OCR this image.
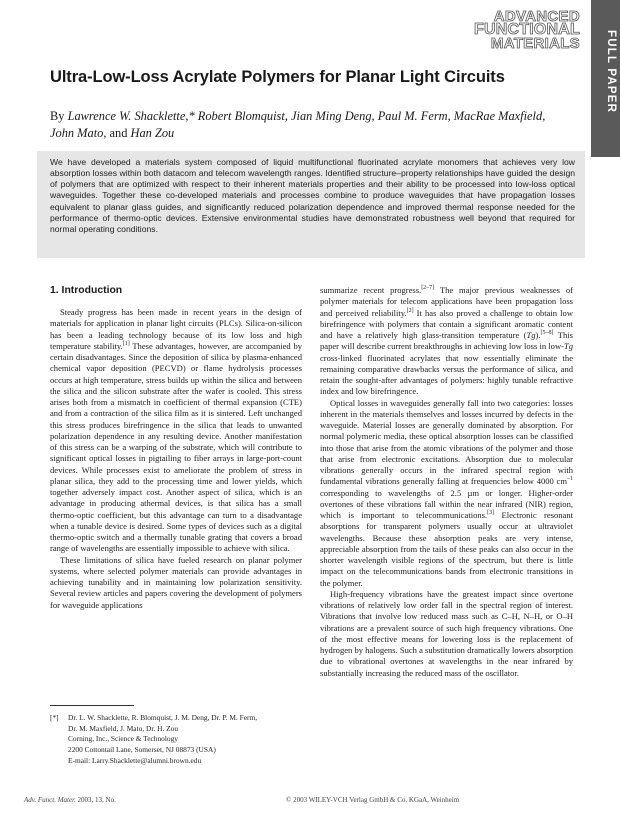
ADVANCED
FUNCTIONAL
MATERIALS FULL PAPER
Ultra-Low-Loss Acrylate Polymers for Planar Light Circuits
By Lawrence W. Shacklette,* Robert Blomquist, Jian Ming Deng, Paul M. Ferm, MacRae Maxfield,
John Mato, and Han Zou
We have developed a materials system composed of liquid multifunctional fluorinated acrylate monomers that achieves very low absorption losses within both datacom and telecom wavelength ranges. Identified structure–property relationships have guided the design of polymers that are optimized with respect to their inherent materials properties and their ability to be processed into low-loss optical waveguides. Together these co-developed materials and processes combine to produce waveguides that have propagation losses equivalent to planar glass guides, and significantly reduced polarization dependence and improved thermal response needed for the performance of thermo-optic devices. Extensive environmental studies have demonstrated robustness well beyond that required for normal operating conditions.
1. Introduction

Steady progress has been made in recent years in the design of materials for application in planar light circuits (PLCs). Silica-on-silicon has been a leading technology because of its low loss and high temperature stability.[1] These advantages, however, are accompanied by certain disadvantages. Since the deposition of silica by plasma-enhanced chemical vapor deposition (PECVD) or flame hydrolysis processes occurs at high temperature, stress builds up within the silica and between the silica and the silicon substrate after the wafer is cooled. This stress arises both from a mismatch in coefficient of thermal expansion (CTE) and from a contraction of the silica film as it is sintered. Left unchanged this stress produces birefringence in the silica that leads to unwanted polarization dependence in any resulting device. Another manifestation of this stress can be a warping of the substrate, which will contribute to significant optical losses in pigtailing to fiber arrays in large-port-count devices. While processes exist to ameliorate the problem of stress in planar silica, they add to the processing time and lower yields, which together adversely impact cost. Another aspect of silica, which is an advantage in producing athermal devices, is that silica has a small thermo-optic coefficient, but this advantage can turn to a disadvantage when a tunable device is desired. Some types of devices such as a digital thermo-optic switch and a thermally tunable grating that covers a broad range of wavelengths are essentially impossible to achieve with silica.

These limitations of silica have fueled research on planar polymer systems, where selected polymer materials can provide advantages in achieving tunability and in maintaining low polarization sensitivity. Several review articles and papers covering the development of polymers for waveguide applications

summarize recent progress.[2–7] The major previous weaknesses of polymer materials for telecom applications have been propagation loss and perceived reliability.[2] It has also proved a challenge to obtain low birefringence with polymers that contain a significant aromatic content and have a relatively high glass-transition temperature (Tg).[5–8] This paper will describe current breakthroughs in achieving low loss in low-Tg cross-linked fluorinated acrylates that now essentially eliminate the remaining comparative drawbacks versus the performance of silica, and retain the sought-after advantages of polymers: highly tunable refractive index and low birefringence.

Optical losses in waveguides generally fall into two categories: losses inherent in the materials themselves and losses incurred by defects in the waveguide. Material losses are generally dominated by absorption. For normal polymeric media, these optical absorption losses can be classified into those that arise from the atomic vibrations of the polymer and those that arise from electronic excitations. Absorption due to molecular vibrations generally occurs in the infrared spectral region with fundamental vibrations generally falling at frequencies below 4000 $cm^{-1}$ corresponding to wavelengths of 2.5 µm or longer. Higher-order overtones of these vibrations fall within the near infrared (NIR) region, which is important to telecommunications.[3] Electronic resonant absorptions for transparent polymers usually occur at ultraviolet wavelengths. Because these absorption peaks are very intense, appreciable absorption from the tails of these peaks can also occur in the shorter wavelength visible regions of the spectrum, but there is little impact on the telecommunications bands from electronic transitions in the polymer.

High-frequency vibrations have the greatest impact since overtone vibrations of relatively low order fall in the spectral region of interest. Vibrations that involve low reduced mass such as C–H, N–H, or O–H vibrations are a prevalent source of such high frequency vibrations. One of the most effective means for lowering loss is the replacement of hydrogen by halogens. Such a substitution dramatically lowers absorption due to vibrational overtones at wavelengths in the near infrared by substantially increasing the reduced mass of the oscillator.

[*] Dr. L. W. Shacklette, R. Blomquist, J. M. Deng, Dr. P. M. Ferm,
Dr. M. Maxfield, J. Mato, Dr. H. Zou
Corning, Inc., Science & Technology
2200 Cottontail Lane, Somerset, NJ 08873 (USA)
E-mail: Larry.Shacklette@alumni.brown.edu
Adv. Funct. Mater. 2003, 13, No.	© 2003 WILEY-VCH Verlag GmbH & Co. KGaA, Weinheim
